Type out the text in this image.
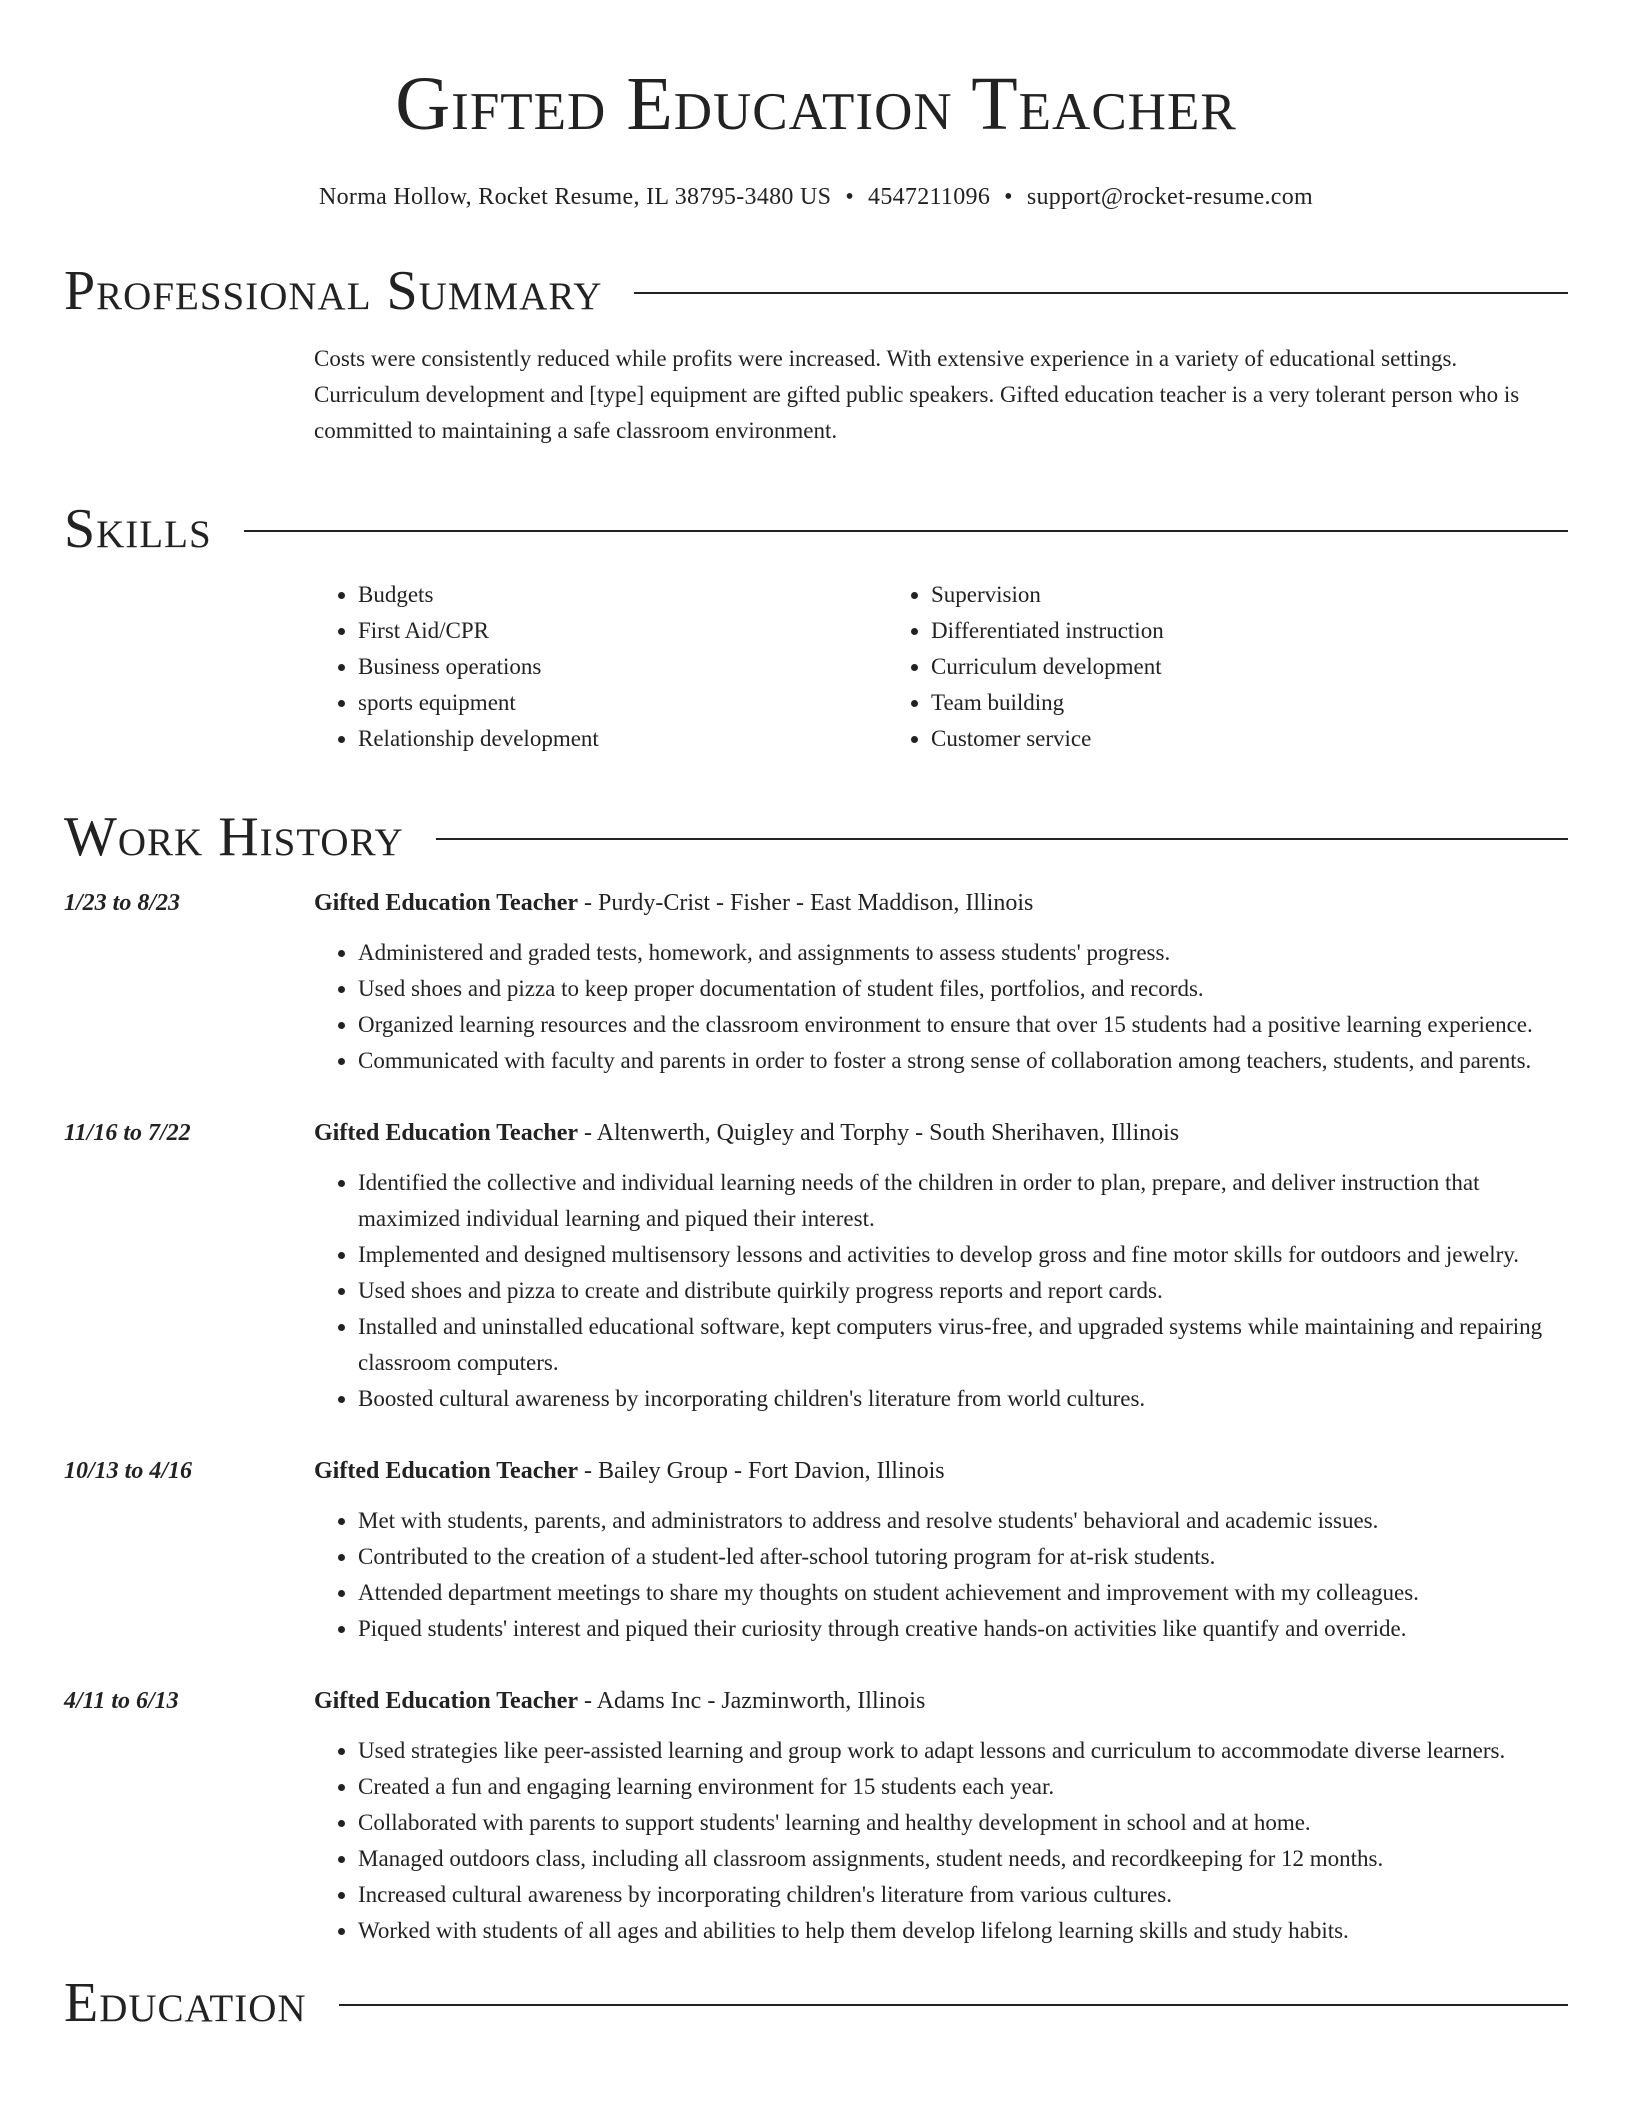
Gifted Education Teacher
Norma Hollow, Rocket Resume, IL 38795-3480 US • 4547211096 • support@rocket-resume.com
Professional Summary
Costs were consistently reduced while profits were increased. With extensive experience in a variety of educational settings. Curriculum development and [type] equipment are gifted public speakers. Gifted education teacher is a very tolerant person who is committed to maintaining a safe classroom environment.
Skills
• Budgets
• First Aid/CPR
• Business operations
• sports equipment
• Relationship development
• Supervision
• Differentiated instruction
• Curriculum development
• Team building
• Customer service
Work History
1/23 to 8/23	Gifted Education Teacher - Purdy-Crist - Fisher - East Maddison, Illinois
• Administered and graded tests, homework, and assignments to assess students' progress.
• Used shoes and pizza to keep proper documentation of student files, portfolios, and records.
• Organized learning resources and the classroom environment to ensure that over 15 students had a positive learning experience.
• Communicated with faculty and parents in order to foster a strong sense of collaboration among teachers, students, and parents.
11/16 to 7/22	Gifted Education Teacher - Altenwerth, Quigley and Torphy - South Sherihaven, Illinois
• Identified the collective and individual learning needs of the children in order to plan, prepare, and deliver instruction that maximized individual learning and piqued their interest.
• Implemented and designed multisensory lessons and activities to develop gross and fine motor skills for outdoors and jewelry.
• Used shoes and pizza to create and distribute quirkily progress reports and report cards.
• Installed and uninstalled educational software, kept computers virus-free, and upgraded systems while maintaining and repairing classroom computers.
• Boosted cultural awareness by incorporating children's literature from world cultures.
10/13 to 4/16	Gifted Education Teacher - Bailey Group - Fort Davion, Illinois
• Met with students, parents, and administrators to address and resolve students' behavioral and academic issues.
• Contributed to the creation of a student-led after-school tutoring program for at-risk students.
• Attended department meetings to share my thoughts on student achievement and improvement with my colleagues.
• Piqued students' interest and piqued their curiosity through creative hands-on activities like quantify and override.
4/11 to 6/13	Gifted Education Teacher - Adams Inc - Jazminworth, Illinois
• Used strategies like peer-assisted learning and group work to adapt lessons and curriculum to accommodate diverse learners.
• Created a fun and engaging learning environment for 15 students each year.
• Collaborated with parents to support students' learning and healthy development in school and at home.
• Managed outdoors class, including all classroom assignments, student needs, and recordkeeping for 12 months.
• Increased cultural awareness by incorporating children's literature from various cultures.
• Worked with students of all ages and abilities to help them develop lifelong learning skills and study habits.
Education
